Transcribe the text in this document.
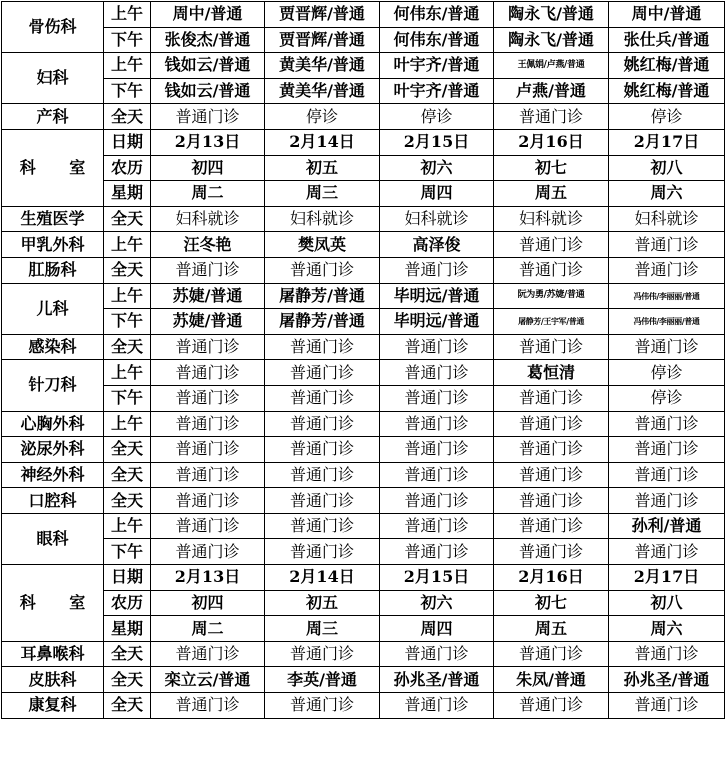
骨伤科	上午	周中/普通	贾晋辉/普通	何伟东/普通	陶永飞/普通	周中/普通
	下午	张俊杰/普通	贾晋辉/普通	何伟东/普通	陶永飞/普通	张仕兵/普通
妇科	上午	钱如云/普通	黄美华/普通	叶宇齐/普通	王佩娟/卢燕/普通	姚红梅/普通
	下午	钱如云/普通	黄美华/普通	叶宇齐/普通	卢燕/普通	姚红梅/普通
产科	全天	普通门诊	停诊	停诊	普通门诊	停诊
科 室	日期	2月13日	2月14日	2月15日	2月16日	2月17日
	农历	初四	初五	初六	初七	初八
	星期	周二	周三	周四	周五	周六
生殖医学	全天	妇科就诊	妇科就诊	妇科就诊	妇科就诊	妇科就诊
甲乳外科	上午	汪冬艳	樊凤英	高泽俊	普通门诊	普通门诊
肛肠科	全天	普通门诊	普通门诊	普通门诊	普通门诊	普通门诊
儿科	上午	苏婕/普通	屠静芳/普通	毕明远/普通	阮为勇/苏婕/普通	冯伟伟/李丽丽/普通
	下午	苏婕/普通	屠静芳/普通	毕明远/普通	屠静芳/王宇军/普通	冯伟伟/李丽丽/普通
感染科	全天	普通门诊	普通门诊	普通门诊	普通门诊	普通门诊
针刀科	上午	普通门诊	普通门诊	普通门诊	葛恒清	停诊
	下午	普通门诊	普通门诊	普通门诊	普通门诊	停诊
心胸外科	上午	普通门诊	普通门诊	普通门诊	普通门诊	普通门诊
泌尿外科	全天	普通门诊	普通门诊	普通门诊	普通门诊	普通门诊
神经外科	全天	普通门诊	普通门诊	普通门诊	普通门诊	普通门诊
口腔科	全天	普通门诊	普通门诊	普通门诊	普通门诊	普通门诊
眼科	上午	普通门诊	普通门诊	普通门诊	普通门诊	孙利/普通
	下午	普通门诊	普通门诊	普通门诊	普通门诊	普通门诊
科 室	日期	2月13日	2月14日	2月15日	2月16日	2月17日
	农历	初四	初五	初六	初七	初八
	星期	周二	周三	周四	周五	周六
耳鼻喉科	全天	普通门诊	普通门诊	普通门诊	普通门诊	普通门诊
皮肤科	全天	栾立云/普通	李英/普通	孙兆圣/普通	朱凤/普通	孙兆圣/普通
康复科	全天	普通门诊	普通门诊	普通门诊	普通门诊	普通门诊
